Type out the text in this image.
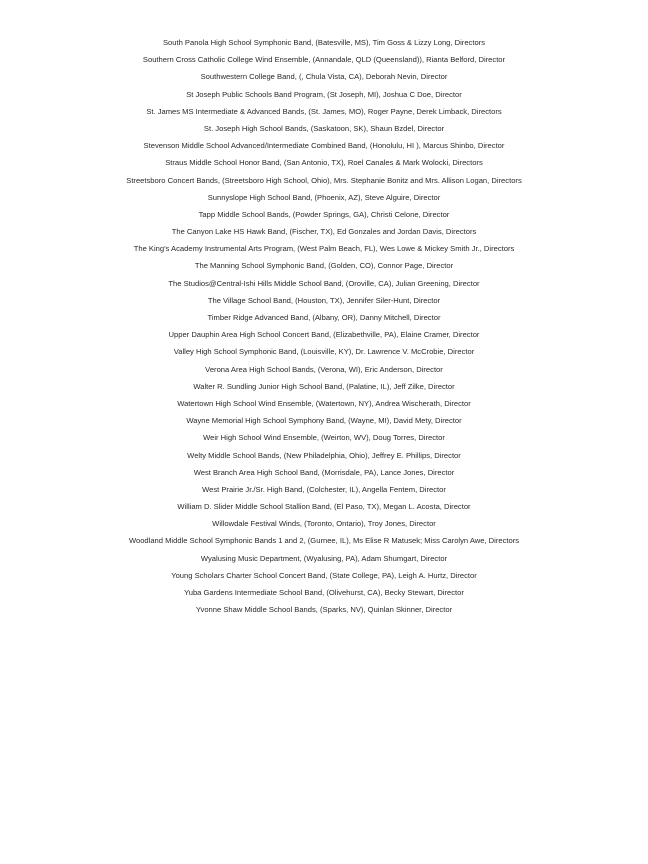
South Panola High School Symphonic Band, (Batesville, MS), Tim Goss & Lizzy Long, Directors
Southern Cross Catholic College Wind Ensemble, (Annandale, QLD (Queensland)), Rianta Belford, Director
Southwestern College Band, (, Chula Vista, CA), Deborah Nevin, Director
St Joseph Public Schools Band Program, (St Joseph, MI), Joshua C Doe, Director
St. James MS Intermediate & Advanced Bands, (St. James, MO), Roger Payne, Derek Limback, Directors
St. Joseph High School Bands, (Saskatoon, SK), Shaun Bzdel, Director
Stevenson Middle School Advanced/Intermediate Combined Band, (Honolulu, HI ), Marcus Shinbo, Director
Straus Middle School Honor Band, (San Antonio, TX), Roel Canales & Mark Wolocki, Directors
Streetsboro Concert Bands, (Streetsboro High School, Ohio), Mrs. Stephanie Bonitz and Mrs. Allison Logan, Directors
Sunnyslope High School Band, (Phoenix, AZ), Steve Alguire, Director
Tapp Middle School Bands, (Powder Springs, GA), Christi Celone, Director
The Canyon Lake HS Hawk Band, (Fischer, TX), Ed Gonzales and Jordan Davis, Directors
The King's Academy Instrumental Arts Program, (West Palm Beach, FL), Wes Lowe & Mickey Smith Jr., Directors
The Manning School Symphonic Band, (Golden, CO), Connor Page, Director
The Studios@Central-Ishi Hills Middle School Band, (Oroville, CA), Julian Greening, Director
The Village School Band, (Houston, TX), Jennifer Siler-Hunt, Director
Timber Ridge Advanced Band, (Albany, OR), Danny Mitchell, Director
Upper Dauphin Area High School Concert Band, (Elizabethville, PA), Elaine Cramer, Director
Valley High School Symphonic Band, (Louisville, KY), Dr. Lawrence V. McCrobie, Director
Verona Area High School Bands, (Verona, WI), Eric Anderson, Director
Walter R. Sundling Junior High School Band, (Palatine, IL), Jeff Zilke, Director
Watertown High School Wind Ensemble, (Watertown, NY), Andrea Wischerath, Director
Wayne Memorial High School Symphony Band, (Wayne, MI), David Mety, Director
Weir High School Wind Ensemble, (Weirton, WV), Doug Torres, Director
Welty Middle School Bands, (New Philadelphia, Ohio), Jeffrey E. Phillips, Director
West Branch Area High School Band, (Morrisdale, PA), Lance Jones, Director
West Prairie Jr./Sr. High Band, (Colchester, IL), Angella Fentem, Director
William D. Slider Middle School Stallion Band, (El Paso, TX), Megan L. Acosta, Director
Willowdale Festival Winds, (Toronto, Ontario), Troy Jones, Director
Woodland Middle School Symphonic Bands 1 and 2, (Gurnee, IL), Ms Elise R Matusek; Miss Carolyn Awe, Directors
Wyalusing Music Department, (Wyalusing, PA), Adam Shumgart, Director
Young Scholars Charter School Concert Band, (State College, PA), Leigh A. Hurtz, Director
Yuba Gardens Intermediate School Band, (Olivehurst, CA), Becky Stewart, Director
Yvonne Shaw Middle School Bands, (Sparks, NV), Quinlan Skinner, Director
